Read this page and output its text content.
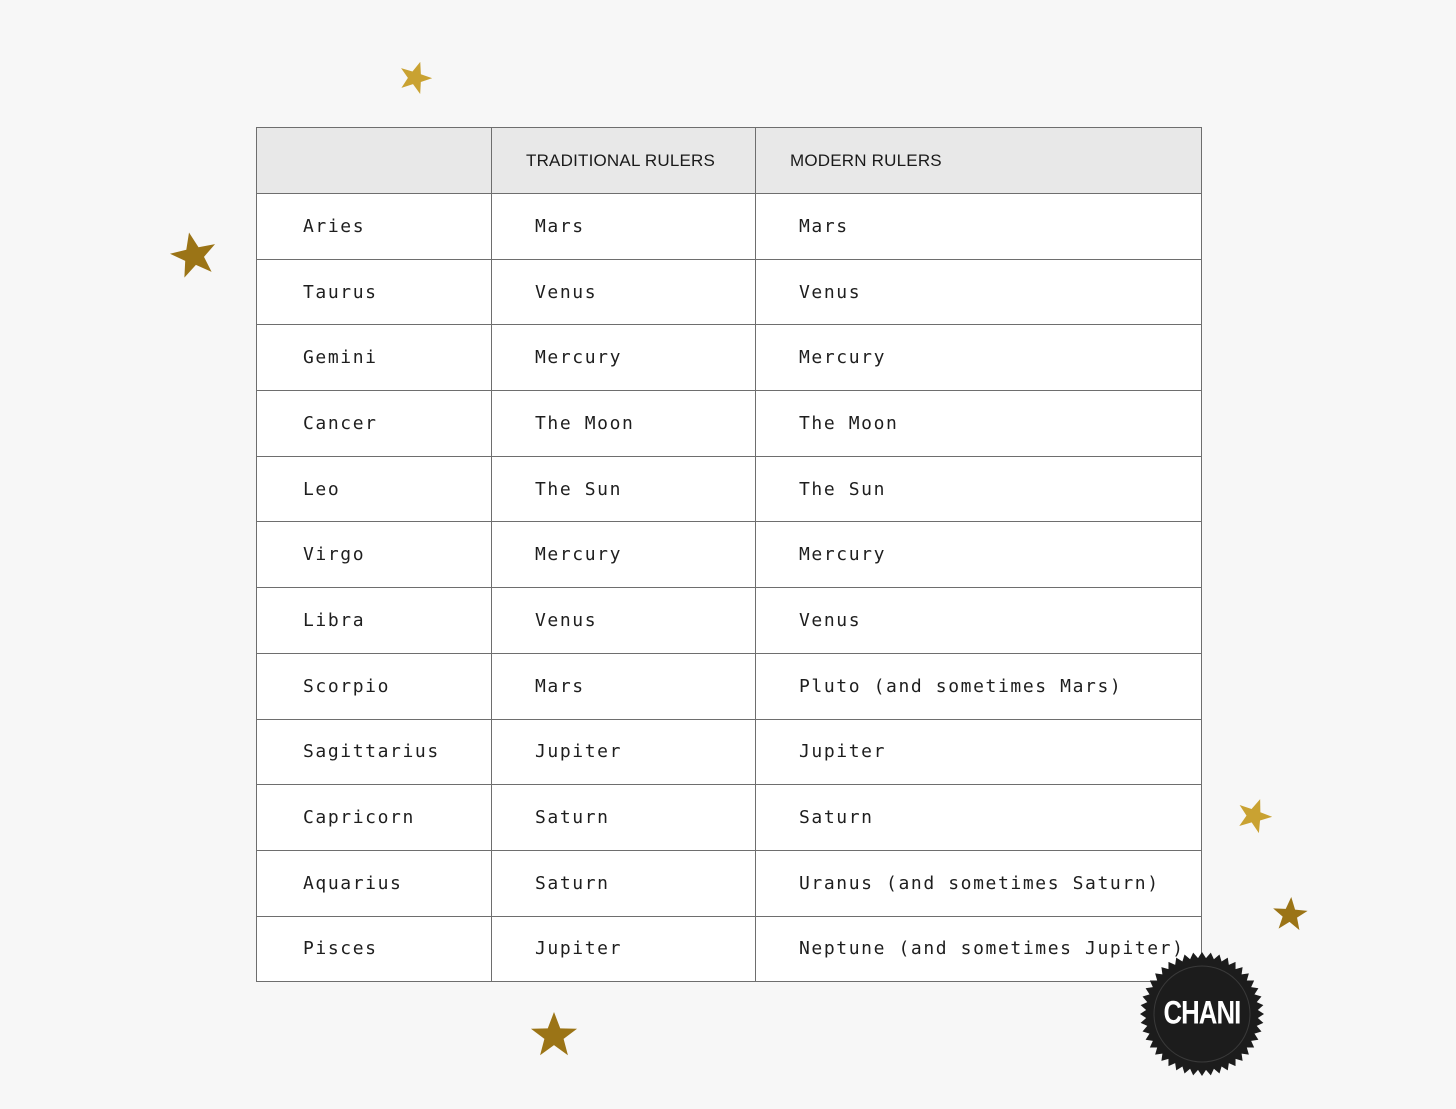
	TRADITIONAL RULERS	MODERN RULERS
Aries	Mars	Mars
Taurus	Venus	Venus
Gemini	Mercury	Mercury
Cancer	The Moon	The Moon
Leo	The Sun	The Sun
Virgo	Mercury	Mercury
Libra	Venus	Venus
Scorpio	Mars	Pluto (and sometimes Mars)
Sagittarius	Jupiter	Jupiter
Capricorn	Saturn	Saturn
Aquarius	Saturn	Uranus (and sometimes Saturn)
Pisces	Jupiter	Neptune (and sometimes Jupiter)
CHANI
